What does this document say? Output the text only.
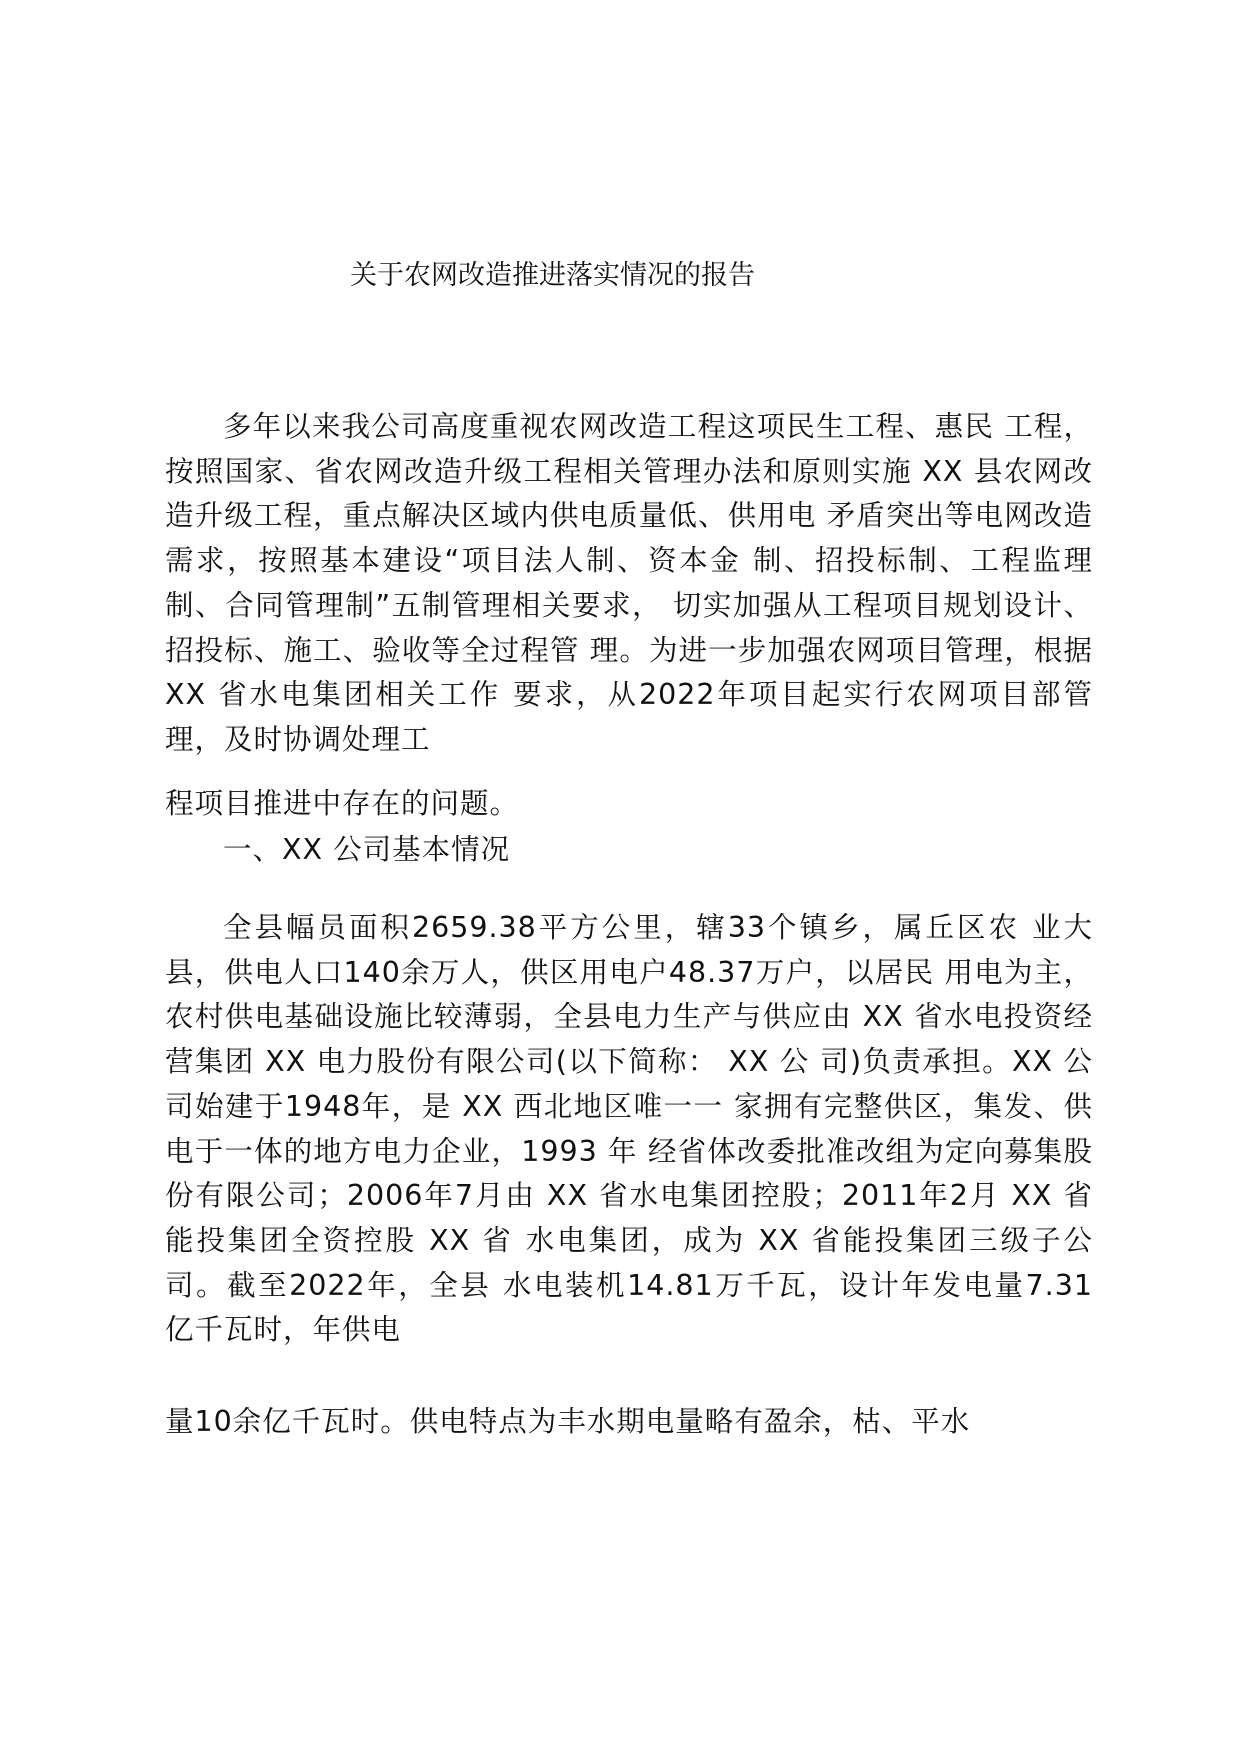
关于农网改造推进落实情况的报告

多年以来我公司高度重视农网改造工程这项民生工程、惠民 工程，按照国家、省农网改造升级工程相关管理办法和原则实施 XX 县农网改造升级工程，重点解决区域内供电质量低、供用电 矛盾突出等电网改造需求，按照基本建设“项目法人制、资本金 制、招投标制、工程监理制、合同管理制”五制管理相关要求， 切实加强从工程项目规划设计、招投标、施工、验收等全过程管 理。为进一步加强农网项目管理，根据 XX 省水电集团相关工作 要求，从2022年项目起实行农网项目部管理，及时协调处理工

程项目推进中存在的问题。

一、XX 公司基本情况

全县幅员面积2659.38平方公里，辖33个镇乡，属丘区农 业大县，供电人口140余万人，供区用电户48.37万户，以居民 用电为主，农村供电基础设施比较薄弱，全县电力生产与供应由 XX 省水电投资经营集团 XX 电力股份有限公司(以下简称： XX 公 司)负责承担。XX 公司始建于1948年，是 XX 西北地区唯一一 家拥有完整供区，集发、供电于一体的地方电力企业，1993 年 经省体改委批准改组为定向募集股份有限公司；2006年7月由 XX 省水电集团控股；2011年2月 XX 省能投集团全资控股 XX 省 水电集团，成为 XX 省能投集团三级子公司。截至2022年，全县 水电装机14.81万千瓦，设计年发电量7.31 亿千瓦时，年供电

量10余亿千瓦时。供电特点为丰水期电量略有盈余，枯、平水
